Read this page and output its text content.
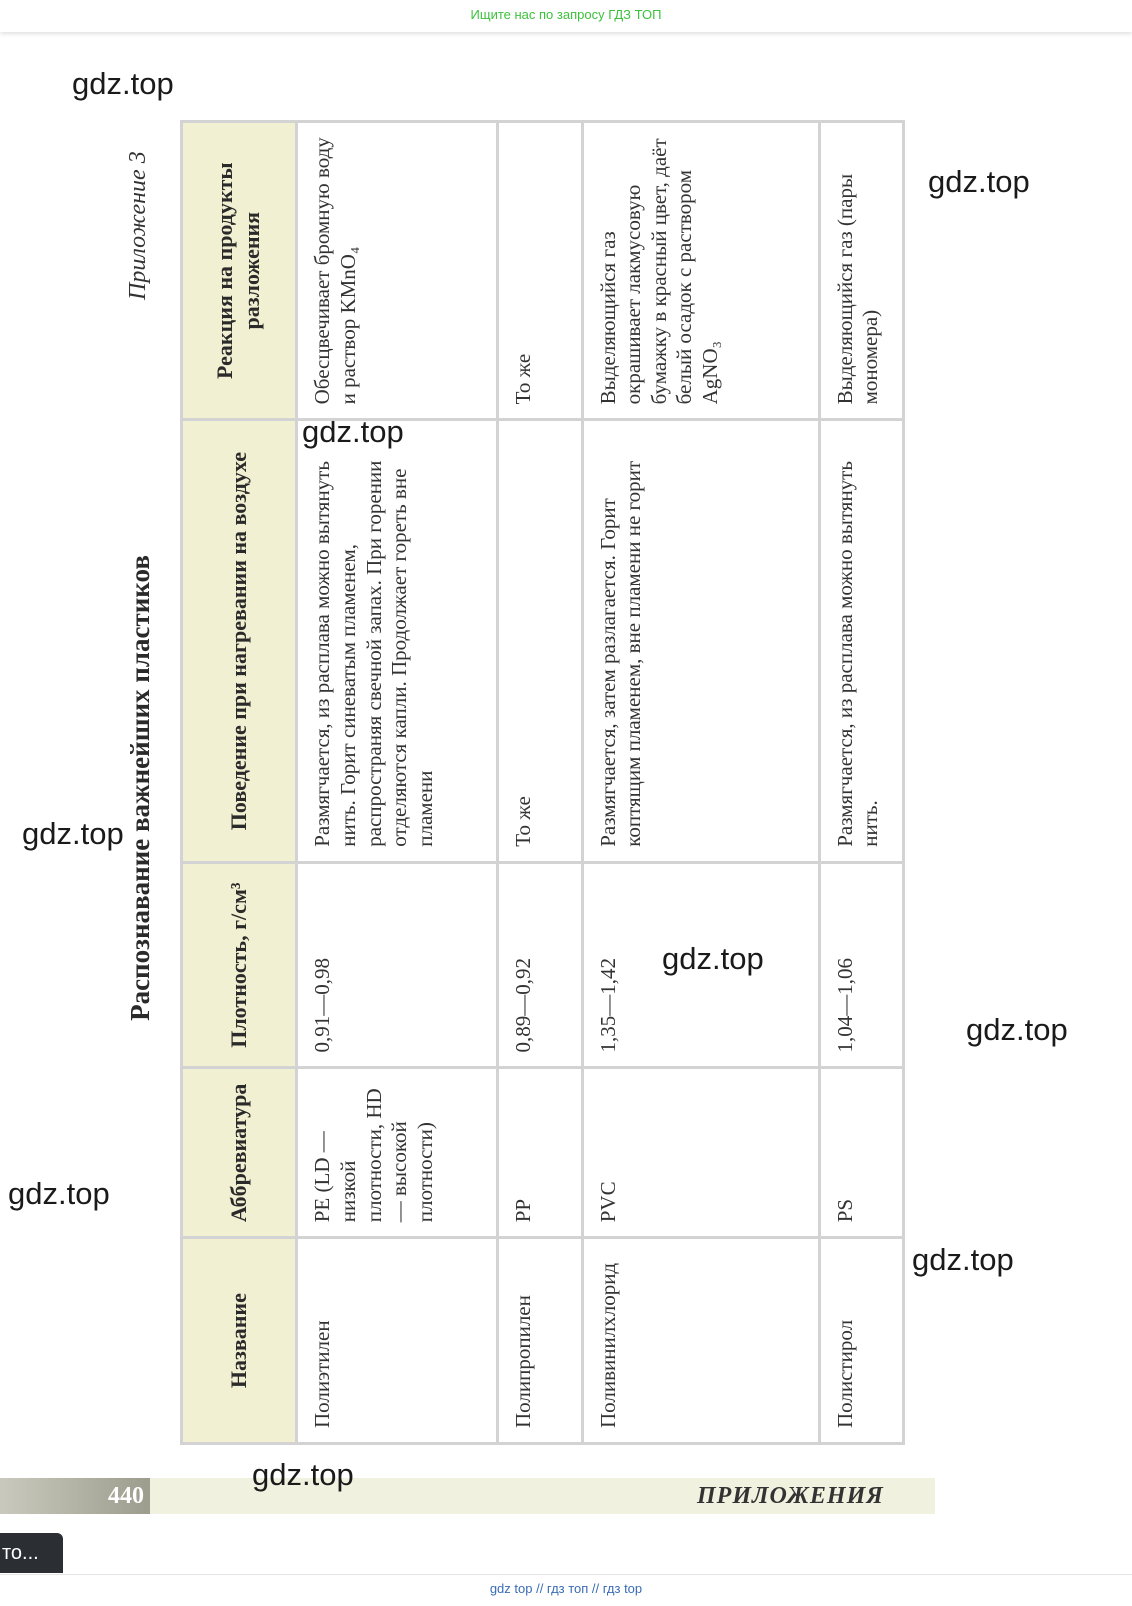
Ищите нас по запросу ГДЗ ТОП
gdz.top
gdz.top
gdz.top
gdz.top
gdz.top
gdz.top
gdz.top
gdz.top
Приложение 3
Распознавание важнейших пластиков
Название	Аббревиатура	Плотность, г/см³	Поведение при нагревании на воздухе	Реакция на продукты разложения
Полиэтилен	PE (LD — низкой плотности, HD — высокой плотности)	0,91—0,98	Размягчается, из расплава можно вытянуть нить. Горит синеватым пламенем, распространяя свечной запах. При горении отделяются капли. Продолжает гореть вне пламени	Обесцвечивает бромную воду и раствор KMnO₄
Полипропилен	PP	0,89—0,92	То же	То же
Поливинилхлорид	PVC	1,35—1,42	Размягчается, затем разлагается. Горит коптящим пламенем, вне пламени не горит	Выделяющийся газ окрашивает лакмусовую бумажку в красный цвет, даёт белый осадок с раствором AgNO₃
Полистирол	PS	1,04—1,06	Размягчается, из расплава можно вытянуть нить.	Выделяющийся газ (пары мономера)
440	ПРИЛОЖЕНИЯ
gdz.top
то...
gdz top // гдз топ // гдз top
